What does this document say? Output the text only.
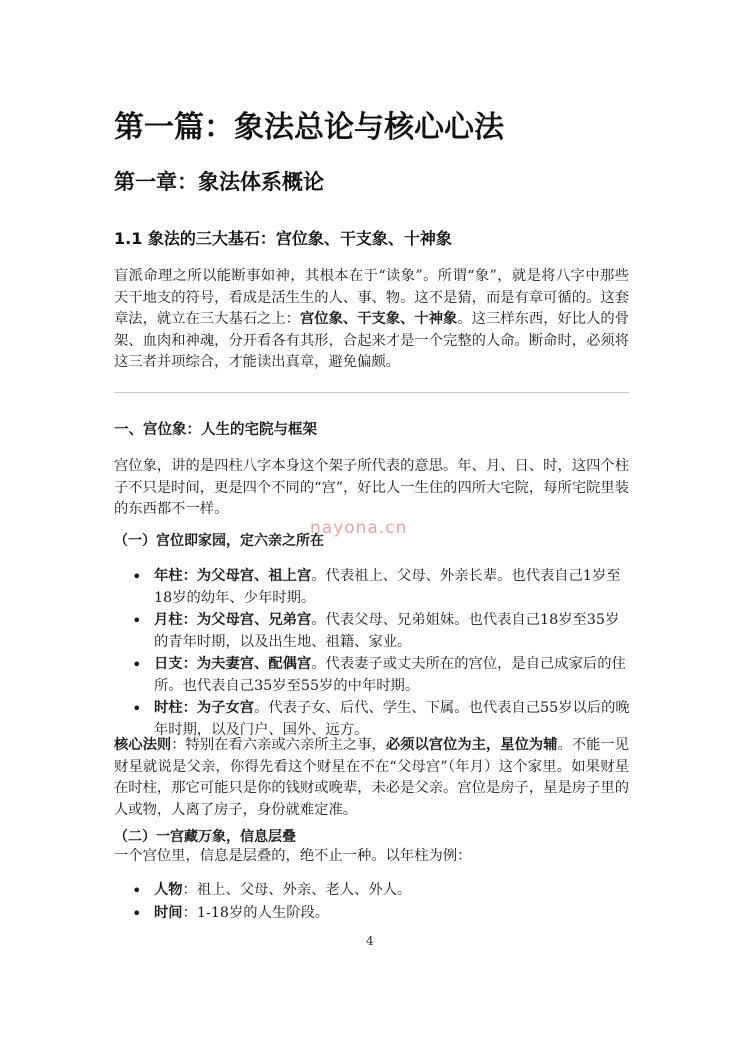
第一篇：象法总论与核心心法
第一章：象法体系概论
1.1 象法的三大基石：宫位象、干支象、十神象

盲派命理之所以能断事如神，其根本在于“读象”。所谓“象”，就是将八字中那些天干地支的符号，看成是活生生的人、事、物。这不是猜，而是有章可循的。这套章法，就立在三大基石之上：宫位象、干支象、十神象。这三样东西，好比人的骨架、血肉和神魂，分开看各有其形，合起来才是一个完整的人命。断命时，必须将这三者并项综合，才能读出真章，避免偏颇。

一、宫位象：人生的宅院与框架

宫位象，讲的是四柱八字本身这个架子所代表的意思。年、月、日、时，这四个柱子不只是时间，更是四个不同的“宫”，好比人一生住的四所大宅院，每所宅院里装的东西都不一样。

nayona.cn
（一）宫位即家园，定六亲之所在
• 年柱：为父母宫、祖上宫。代表祖上、父母、外亲长辈。也代表自己1岁至18岁的幼年、少年时期。
• 月柱：为父母宫、兄弟宫。代表父母、兄弟姐妹。也代表自己18岁至35岁的青年时期，以及出生地、祖籍、家业。
• 日支：为夫妻宫、配偶宫。代表妻子或丈夫所在的宫位，是自己成家后的住所。也代表自己35岁至55岁的中年时期。
• 时柱：为子女宫。代表子女、后代、学生、下属。也代表自己55岁以后的晚年时期，以及门户、国外、远方。

核心法则：特别在看六亲或六亲所主之事，必须以宫位为主，星位为辅。不能一见财星就说是父亲，你得先看这个财星在不在“父母宫”（年月）这个家里。如果财星在时柱，那它可能只是你的钱财或晚辈，未必是父亲。宫位是房子，星是房子里的人或物，人离了房子，身份就难定准。

（二）一宫藏万象，信息层叠

一个宫位里，信息是层叠的，绝不止一种。以年柱为例：

• 人物：祖上、父母、外亲、老人、外人。
• 时间：1-18岁的人生阶段。
4
